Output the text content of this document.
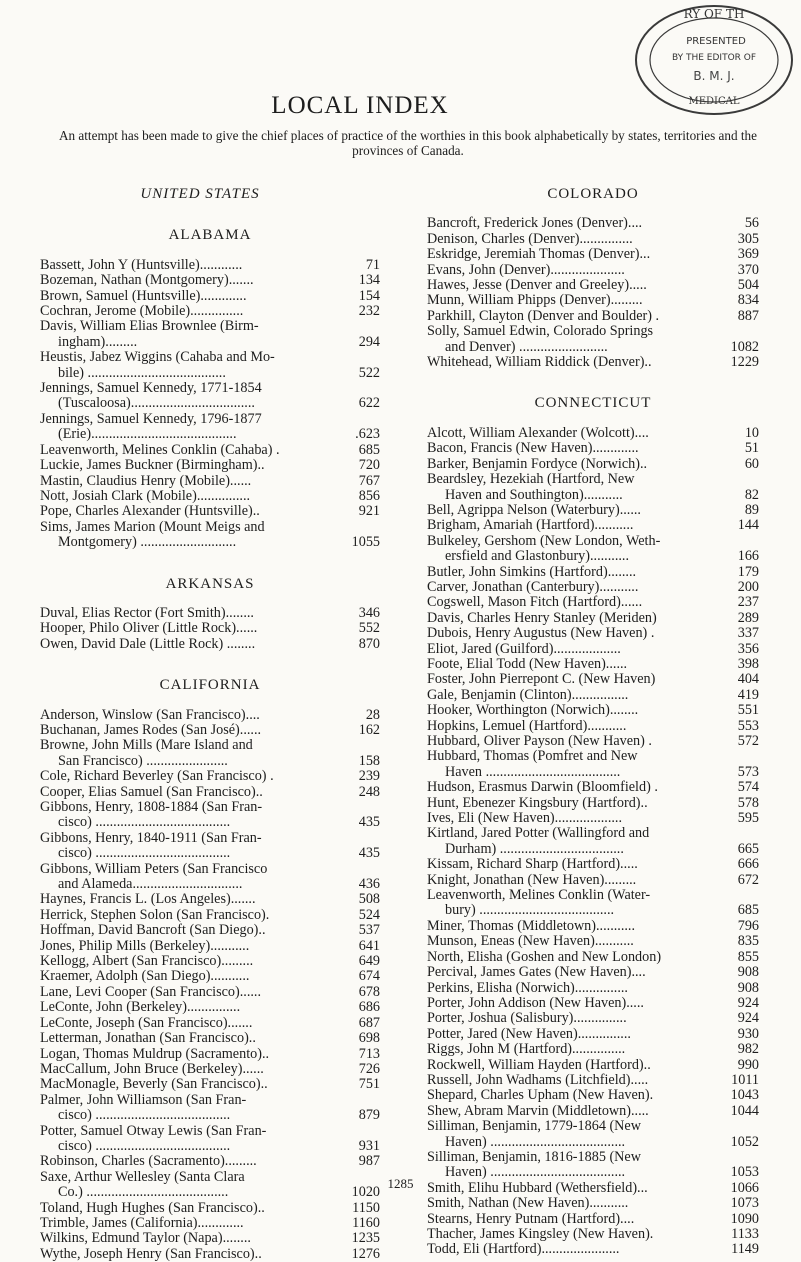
LOCAL INDEX
An attempt has been made to give the chief places of practice of the worthies in this book alphabetically by states, territories and the provinces of Canada.
RY OF TH
PRESENTED
BY THE EDITOR OF
B. M. J.
MEDICAL
UNITED STATES
ALABAMA
Bassett, John Y (Huntsville)............	71
Bozeman, Nathan (Montgomery).......	134
Brown, Samuel (Huntsville).............	154
Cochran, Jerome (Mobile)...............	232
Davis, William Elias Brownlee (Birm-
ingham).........	294
Heustis, Jabez Wiggins (Cahaba and Mo-
bile) .......................................	522
Jennings, Samuel Kennedy, 1771-1854
(Tuscaloosa)...................................	622
Jennings, Samuel Kennedy, 1796-1877
(Erie).........................................	.623
Leavenworth, Melines Conklin (Cahaba) .	685
Luckie, James Buckner (Birmingham)..	720
Mastin, Claudius Henry (Mobile)......	767
Nott, Josiah Clark (Mobile)...............	856
Pope, Charles Alexander (Huntsville)..	921
Sims, James Marion (Mount Meigs and
Montgomery) ...........................	1055
ARKANSAS
Duval, Elias Rector (Fort Smith)........	346
Hooper, Philo Oliver (Little Rock)......	552
Owen, David Dale (Little Rock) ........	870
CALIFORNIA
Anderson, Winslow (San Francisco)....	28
Buchanan, James Rodes (San José)......	162
Browne, John Mills (Mare Island and
San Francisco) .......................	158
Cole, Richard Beverley (San Francisco) .	239
Cooper, Elias Samuel (San Francisco)..	248
Gibbons, Henry, 1808-1884 (San Fran-
cisco) ......................................	435
Gibbons, Henry, 1840-1911 (San Fran-
cisco) ......................................	435
Gibbons, William Peters (San Francisco
and Alameda...............................	436
Haynes, Francis L. (Los Angeles).......	508
Herrick, Stephen Solon (San Francisco).	524
Hoffman, David Bancroft (San Diego)..	537
Jones, Philip Mills (Berkeley)...........	641
Kellogg, Albert (San Francisco).........	649
Kraemer, Adolph (San Diego)...........	674
Lane, Levi Cooper (San Francisco)......	678
LeConte, John (Berkeley)...............	686
LeConte, Joseph (San Francisco).......	687
Letterman, Jonathan (San Francisco)..	698
Logan, Thomas Muldrup (Sacramento)..	713
MacCallum, John Bruce (Berkeley)......	726
MacMonagle, Beverly (San Francisco)..	751
Palmer, John Williamson (San Fran-
cisco) ......................................	879
Potter, Samuel Otway Lewis (San Fran-
cisco) ......................................	931
Robinson, Charles (Sacramento).........	987
Saxe, Arthur Wellesley (Santa Clara
Co.) ........................................	1020
Toland, Hugh Hughes (San Francisco)..	1150
Trimble, James (California).............	1160
Wilkins, Edmund Taylor (Napa)........	1235
Wythe, Joseph Henry (San Francisco)..	1276
COLORADO
Bancroft, Frederick Jones (Denver)....	56
Denison, Charles (Denver)...............	305
Eskridge, Jeremiah Thomas (Denver)...	369
Evans, John (Denver).....................	370
Hawes, Jesse (Denver and Greeley).....	504
Munn, William Phipps (Denver).........	834
Parkhill, Clayton (Denver and Boulder) .	887
Solly, Samuel Edwin, Colorado Springs
and Denver) .........................	1082
Whitehead, William Riddick (Denver)..	1229
CONNECTICUT
Alcott, William Alexander (Wolcott)....	10
Bacon, Francis (New Haven).............	51
Barker, Benjamin Fordyce (Norwich)..	60
Beardsley, Hezekiah (Hartford, New
Haven and Southington)...........	82
Bell, Agrippa Nelson (Waterbury)......	89
Brigham, Amariah (Hartford)...........	144
Bulkeley, Gershom (New London, Weth-
ersfield and Glastonbury)...........	166
Butler, John Simkins (Hartford)........	179
Carver, Jonathan (Canterbury)...........	200
Cogswell, Mason Fitch (Hartford)......	237
Davis, Charles Henry Stanley (Meriden)	289
Dubois, Henry Augustus (New Haven) .	337
Eliot, Jared (Guilford)...................	356
Foote, Elial Todd (New Haven)......	398
Foster, John Pierrepont C. (New Haven)	404
Gale, Benjamin (Clinton)................	419
Hooker, Worthington (Norwich)........	551
Hopkins, Lemuel (Hartford)...........	553
Hubbard, Oliver Payson (New Haven) .	572
Hubbard, Thomas (Pomfret and New
Haven ......................................	573
Hudson, Erasmus Darwin (Bloomfield) .	574
Hunt, Ebenezer Kingsbury (Hartford)..	578
Ives, Eli (New Haven)...................	595
Kirtland, Jared Potter (Wallingford and
Durham) ...................................	665
Kissam, Richard Sharp (Hartford).....	666
Knight, Jonathan (New Haven).........	672
Leavenworth, Melines Conklin (Water-
bury) ......................................	685
Miner, Thomas (Middletown)...........	796
Munson, Eneas (New Haven)...........	835
North, Elisha (Goshen and New London)	855
Percival, James Gates (New Haven)....	908
Perkins, Elisha (Norwich)...............	908
Porter, John Addison (New Haven).....	924
Porter, Joshua (Salisbury)...............	924
Potter, Jared (New Haven)...............	930
Riggs, John M (Hartford)...............	982
Rockwell, William Hayden (Hartford)..	990
Russell, John Wadhams (Litchfield).....	1011
Shepard, Charles Upham (New Haven).	1043
Shew, Abram Marvin (Middletown).....	1044
Silliman, Benjamin, 1779-1864 (New
Haven) ......................................	1052
Silliman, Benjamin, 1816-1885 (New
Haven) ......................................	1053
Smith, Elihu Hubbard (Wethersfield)...	1066
Smith, Nathan (New Haven)...........	1073
Stearns, Henry Putnam (Hartford)....	1090
Thacher, James Kingsley (New Haven).	1133
Todd, Eli (Hartford)......................	1149
1285
